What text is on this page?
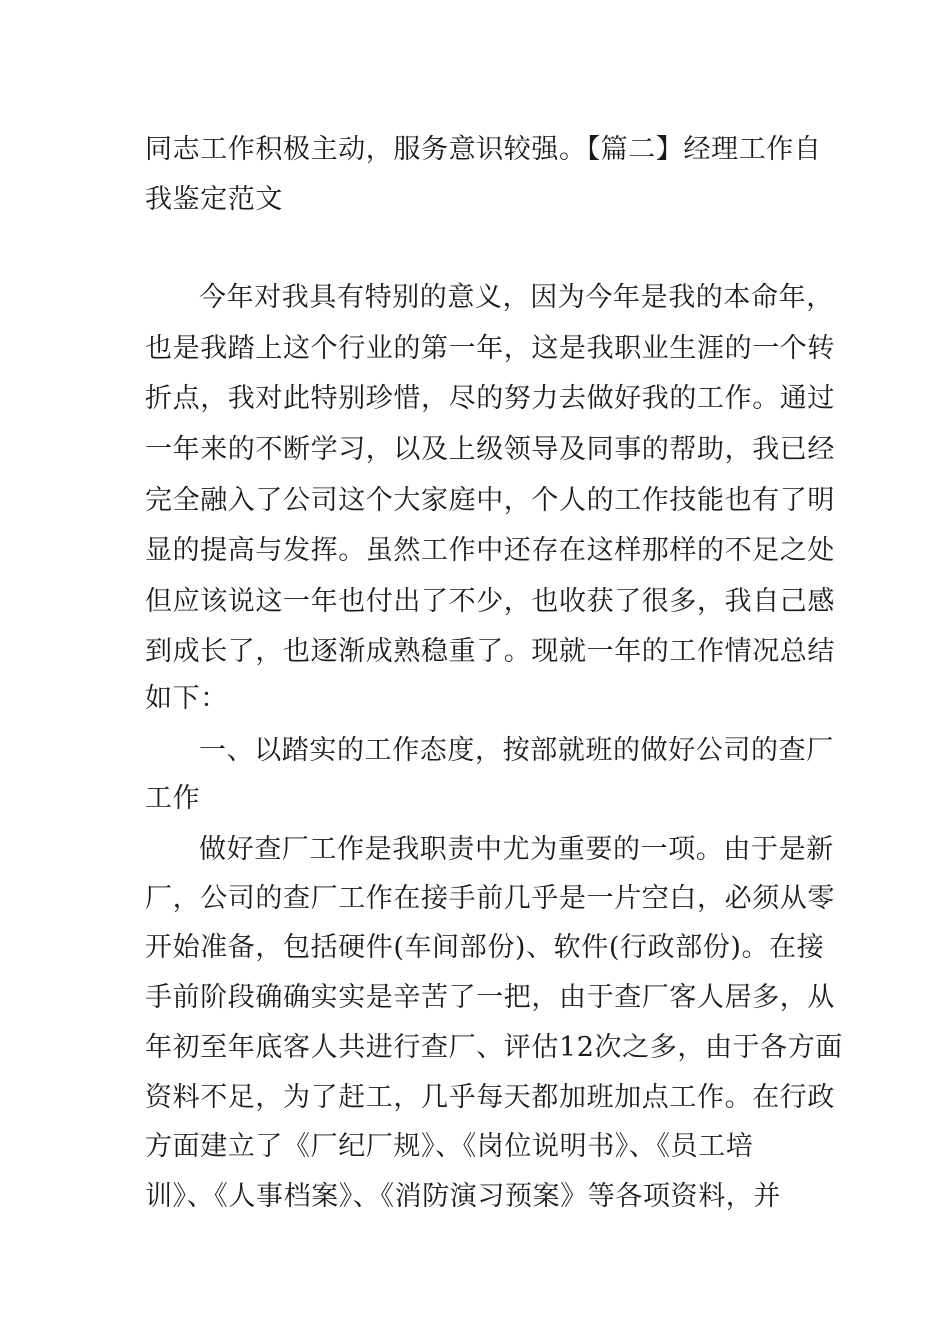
同志工作积极主动，服务意识较强。【篇二】经理工作自
我鉴定范文
今年对我具有特别的意义，因为今年是我的本命年，
也是我踏上这个行业的第一年，这是我职业生涯的一个转
折点，我对此特别珍惜，尽的努力去做好我的工作。通过
一年来的不断学习，以及上级领导及同事的帮助，我已经
完全融入了公司这个大家庭中，个人的工作技能也有了明
显的提高与发挥。虽然工作中还存在这样那样的不足之处
但应该说这一年也付出了不少，也收获了很多，我自己感
到成长了，也逐渐成熟稳重了。现就一年的工作情况总结
如下：
一、以踏实的工作态度，按部就班的做好公司的查厂
工作
做好查厂工作是我职责中尤为重要的一项。由于是新
厂，公司的查厂工作在接手前几乎是一片空白，必须从零
开始准备，包括硬件(车间部份)、软件(行政部份)。在接
手前阶段确确实实是辛苦了一把，由于查厂客人居多，从
年初至年底客人共进行查厂、评估12次之多，由于各方面
资料不足，为了赶工，几乎每天都加班加点工作。在行政
方面建立了《厂纪厂规》、《岗位说明书》、《员工培
训》、《人事档案》、《消防演习预案》等各项资料，并
